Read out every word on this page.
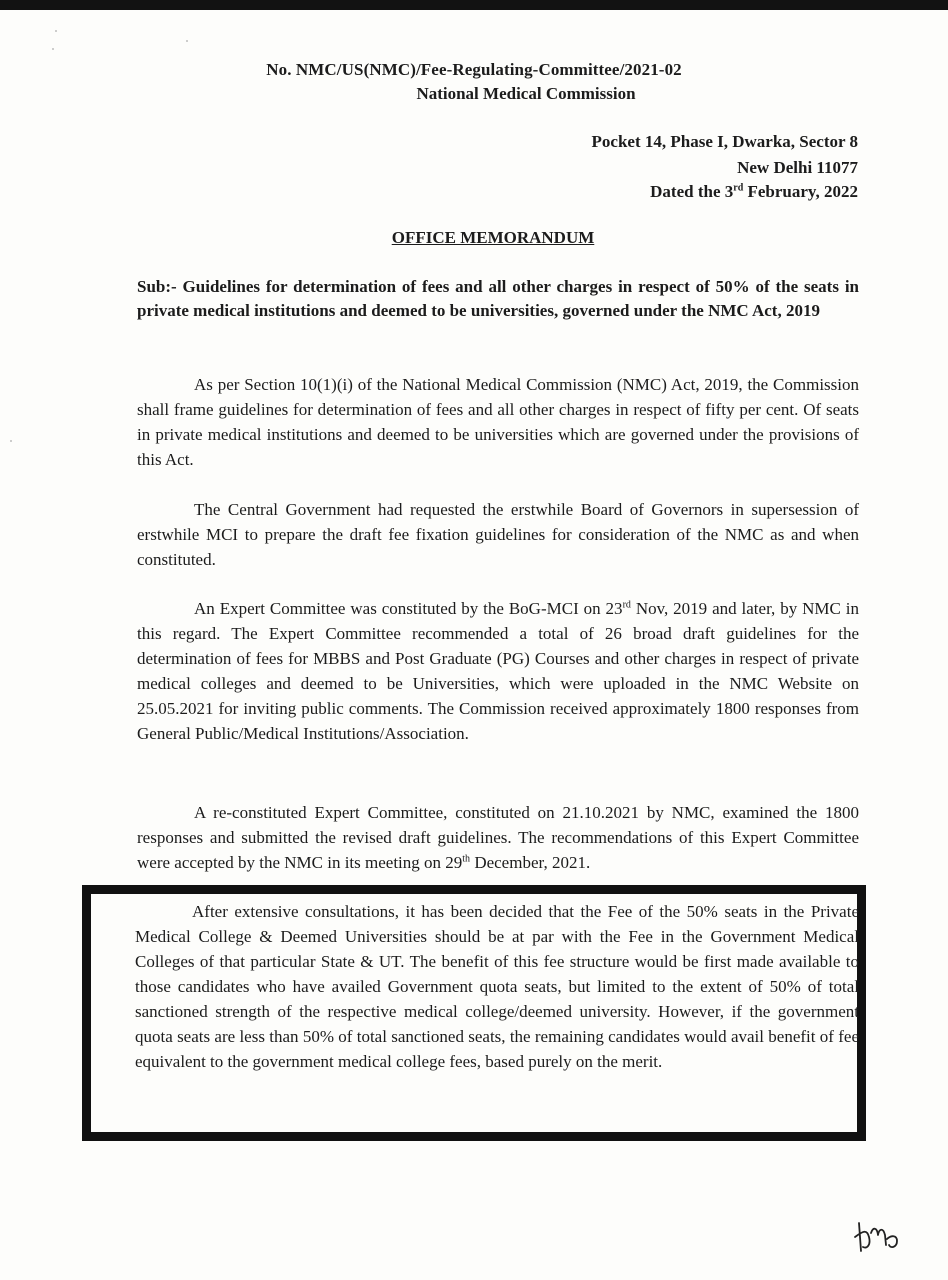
No. NMC/US(NMC)/Fee-Regulating-Committee/2021-02
National Medical Commission
Pocket 14, Phase I, Dwarka, Sector 8
New Delhi 11077
Dated the 3rd February, 2022
OFFICE MEMORANDUM
Sub:- Guidelines for determination of fees and all other charges in respect of 50% of the seats in private medical institutions and deemed to be universities, governed under the NMC Act, 2019

As per Section 10(1)(i) of the National Medical Commission (NMC) Act, 2019, the Commission shall frame guidelines for determination of fees and all other charges in respect of fifty per cent. Of seats in private medical institutions and deemed to be universities which are governed under the provisions of this Act.

The Central Government had requested the erstwhile Board of Governors in supersession of erstwhile MCI to prepare the draft fee fixation guidelines for consideration of the NMC as and when constituted.

An Expert Committee was constituted by the BoG-MCI on 23rd Nov, 2019 and later, by NMC in this regard. The Expert Committee recommended a total of 26 broad draft guidelines for the determination of fees for MBBS and Post Graduate (PG) Courses and other charges in respect of private medical colleges and deemed to be Universities, which were uploaded in the NMC Website on 25.05.2021 for inviting public comments. The Commission received approximately 1800 responses from General Public/Medical Institutions/Association.

A re-constituted Expert Committee, constituted on 21.10.2021 by NMC, examined the 1800 responses and submitted the revised draft guidelines. The recommendations of this Expert Committee were accepted by the NMC in its meeting on 29th December, 2021.

After extensive consultations, it has been decided that the Fee of the 50% seats in the Private Medical College & Deemed Universities should be at par with the Fee in the Government Medical Colleges of that particular State & UT. The benefit of this fee structure would be first made available to those candidates who have availed Government quota seats, but limited to the extent of 50% of total sanctioned strength of the respective medical college/deemed university. However, if the government quota seats are less than 50% of total sanctioned seats, the remaining candidates would avail benefit of fee equivalent to the government medical college fees, based purely on the merit.
